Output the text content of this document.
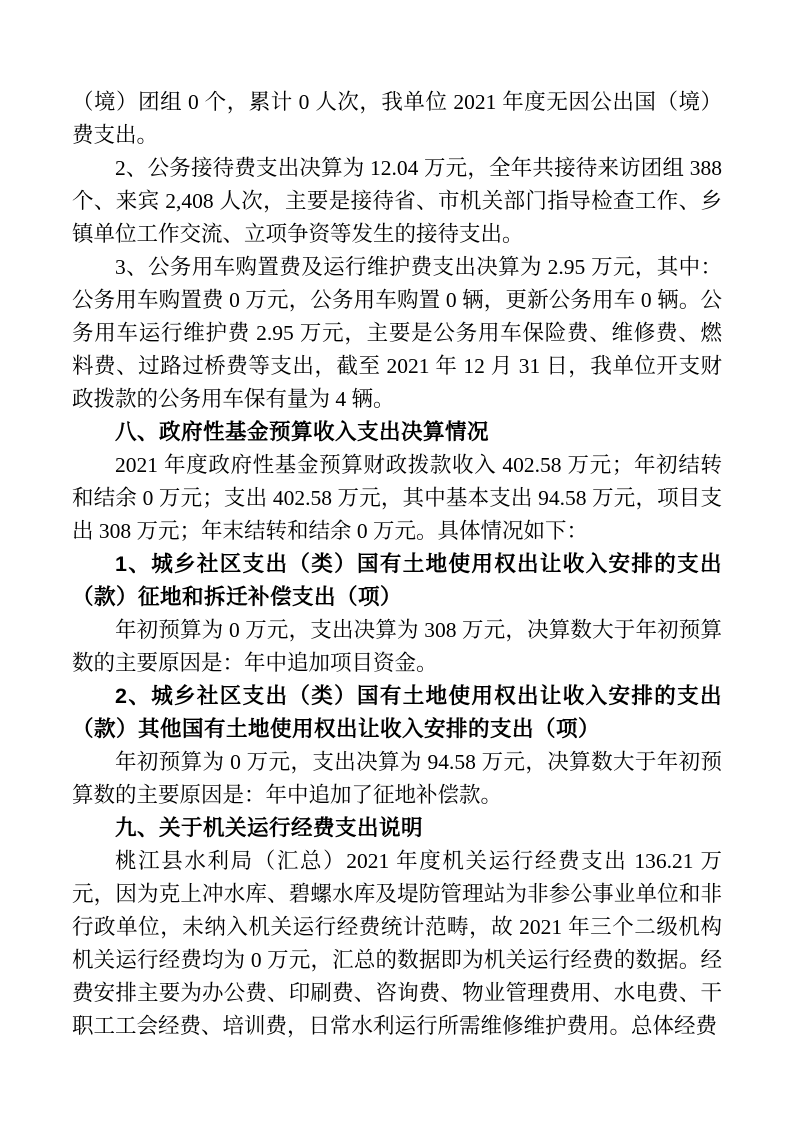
（境）团组 0 个，累计 0 人次，我单位 2021 年度无因公出国（境）费支出。

2、公务接待费支出决算为 12.04 万元，全年共接待来访团组 388 个、来宾 2,408 人次，主要是接待省、市机关部门指导检查工作、乡镇单位工作交流、立项争资等发生的接待支出。

3、公务用车购置费及运行维护费支出决算为 2.95 万元，其中：公务用车购置费 0 万元，公务用车购置 0 辆，更新公务用车 0 辆。公务用车运行维护费 2.95 万元，主要是公务用车保险费、维修费、燃料费、过路过桥费等支出，截至 2021 年 12 月 31 日，我单位开支财政拨款的公务用车保有量为 4 辆。

八、政府性基金预算收入支出决算情况

2021 年度政府性基金预算财政拨款收入 402.58 万元；年初结转和结余 0 万元；支出 402.58 万元，其中基本支出 94.58 万元，项目支出 308 万元；年末结转和结余 0 万元。具体情况如下：

1、城乡社区支出（类）国有土地使用权出让收入安排的支出（款）征地和拆迁补偿支出（项）

年初预算为 0 万元，支出决算为 308 万元，决算数大于年初预算数的主要原因是：年中追加项目资金。

2、城乡社区支出（类）国有土地使用权出让收入安排的支出（款）其他国有土地使用权出让收入安排的支出（项）

年初预算为 0 万元，支出决算为 94.58 万元，决算数大于年初预算数的主要原因是：年中追加了征地补偿款。

九、关于机关运行经费支出说明

桃江县水利局（汇总）2021 年度机关运行经费支出 136.21 万元，因为克上冲水库、碧螺水库及堤防管理站为非参公事业单位和非行政单位，未纳入机关运行经费统计范畴，故 2021 年三个二级机构机关运行经费均为 0 万元，汇总的数据即为机关运行经费的数据。经费安排主要为办公费、印刷费、咨询费、物业管理费用、水电费、干职工工会经费、培训费，日常水利运行所需维修维护费用。总体经费
